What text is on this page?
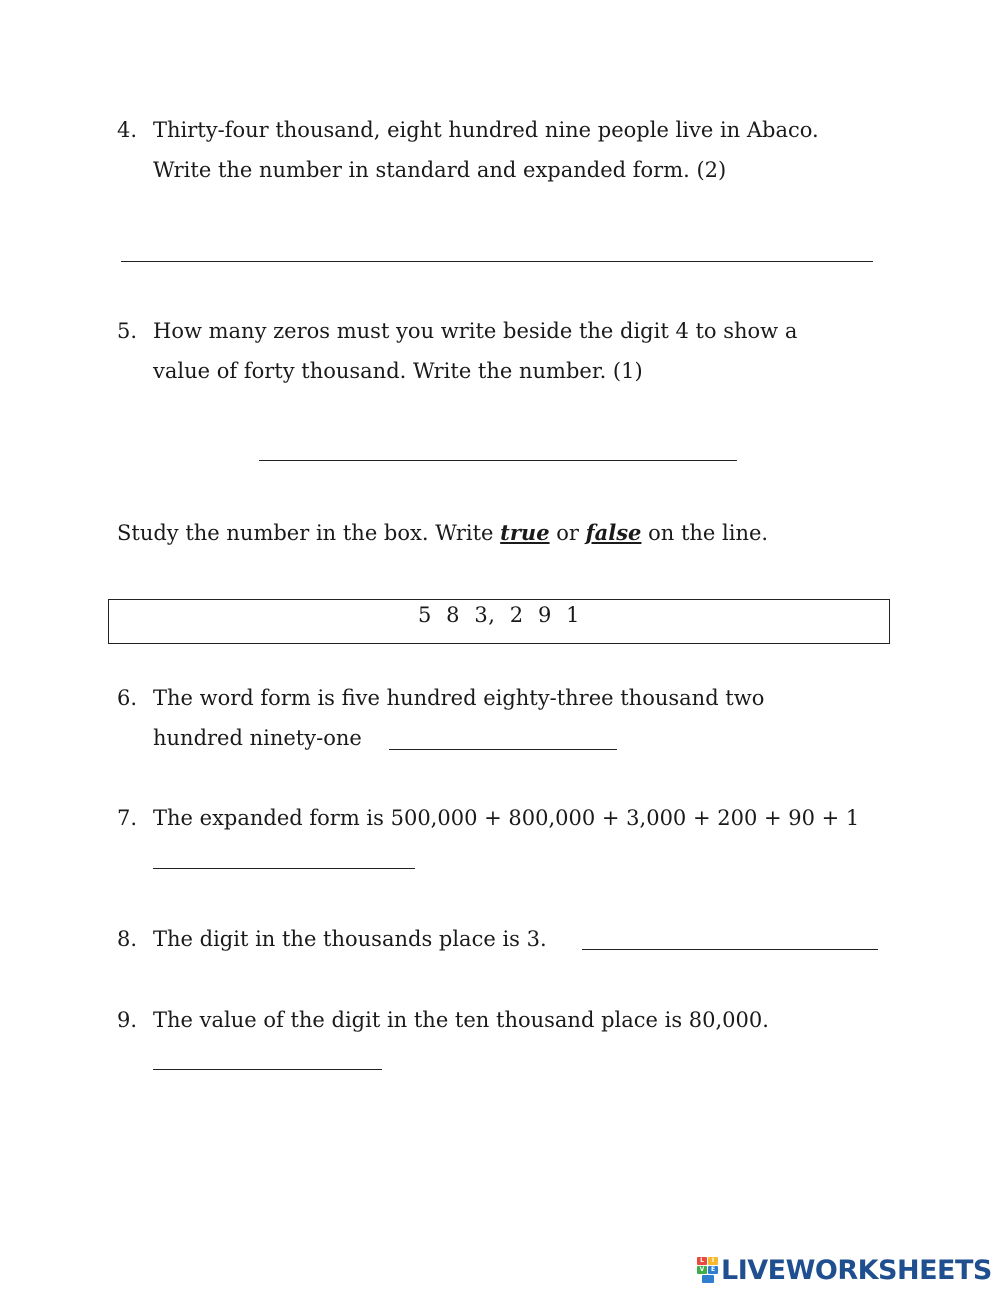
4. Thirty-four thousand, eight hundred nine people live in Abaco.
Write the number in standard and expanded form. (2)
5. How many zeros must you write beside the digit 4 to show a
value of forty thousand. Write the number. (1)
Study the number in the box. Write true or false on the line.
5  8  3,  2  9  1
6. The word form is five hundred eighty-three thousand two
hundred ninety-one
7. The expanded form is 500,000 + 800,000 + 3,000 + 200 + 90 + 1
8. The digit in the thousands place is 3.
9. The value of the digit in the ten thousand place is 80,000.
L	I
V	E LIVEWORKSHEETS
